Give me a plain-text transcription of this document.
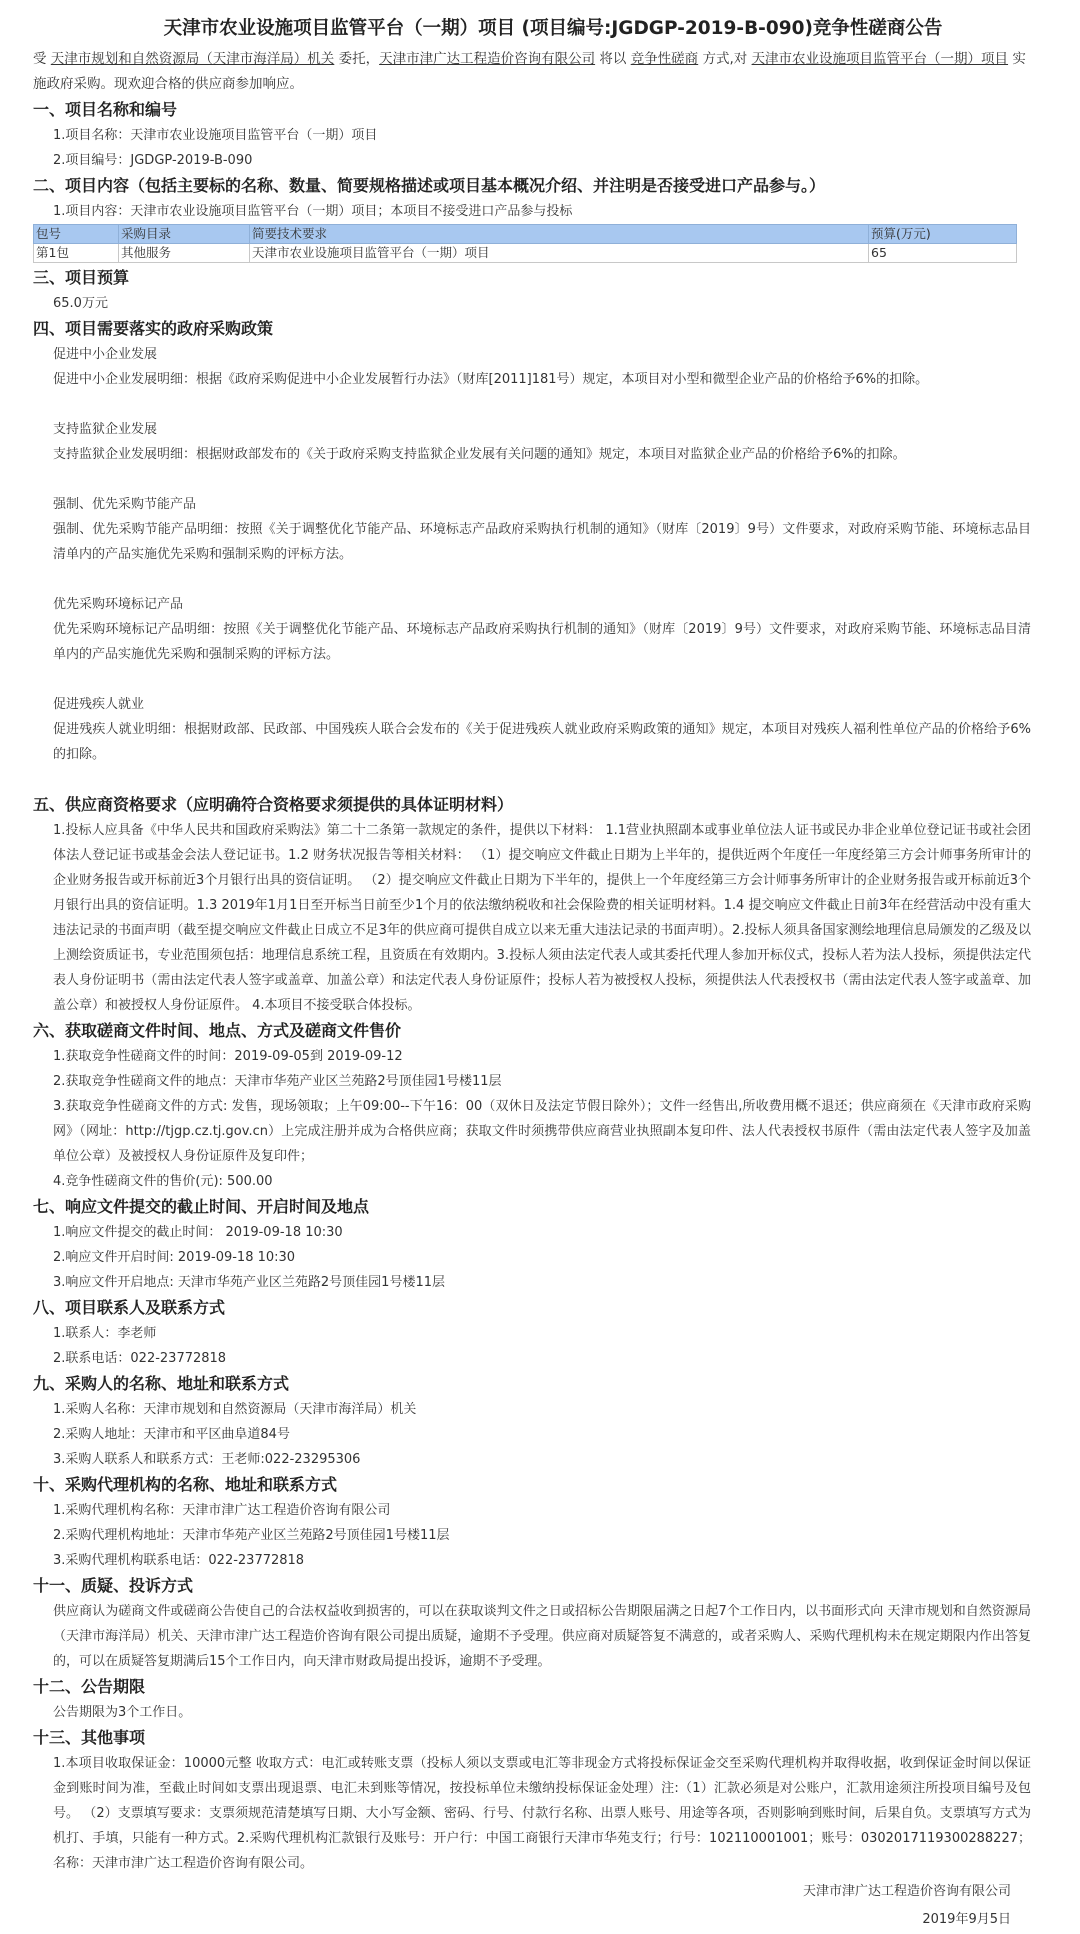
天津市农业设施项目监管平台（一期）项目 (项目编号:JGDGP-2019-B-090)竞争性磋商公告
受 天津市规划和自然资源局（天津市海洋局）机关 委托，天津市津广达工程造价咨询有限公司 将以 竞争性磋商 方式,对 天津市农业设施项目监管平台（一期）项目 实施政府采购。现欢迎合格的供应商参加响应。
一、项目名称和编号
1.项目名称：天津市农业设施项目监管平台（一期）项目
2.项目编号：JGDGP-2019-B-090
二、项目内容（包括主要标的名称、数量、简要规格描述或项目基本概况介绍、并注明是否接受进口产品参与。）
1.项目内容：天津市农业设施项目监管平台（一期）项目；本项目不接受进口产品参与投标
包号	采购目录	简要技术要求	预算(万元)
第1包	其他服务	天津市农业设施项目监管平台（一期）项目	65
三、项目预算
65.0万元
四、项目需要落实的政府采购政策
促进中小企业发展
促进中小企业发展明细：根据《政府采购促进中小企业发展暂行办法》（财库[2011]181号）规定，本项目对小型和微型企业产品的价格给予6%的扣除。
支持监狱企业发展
支持监狱企业发展明细：根据财政部发布的《关于政府采购支持监狱企业发展有关问题的通知》规定，本项目对监狱企业产品的价格给予6%的扣除。
强制、优先采购节能产品
强制、优先采购节能产品明细：按照《关于调整优化节能产品、环境标志产品政府采购执行机制的通知》（财库〔2019〕9号）文件要求，对政府采购节能、环境标志品目清单内的产品实施优先采购和强制采购的评标方法。
优先采购环境标记产品
优先采购环境标记产品明细：按照《关于调整优化节能产品、环境标志产品政府采购执行机制的通知》（财库〔2019〕9号）文件要求，对政府采购节能、环境标志品目清单内的产品实施优先采购和强制采购的评标方法。
促进残疾人就业
促进残疾人就业明细：根据财政部、民政部、中国残疾人联合会发布的《关于促进残疾人就业政府采购政策的通知》规定，本项目对残疾人福利性单位产品的价格给予6%的扣除。
五、供应商资格要求（应明确符合资格要求须提供的具体证明材料）
1.投标人应具备《中华人民共和国政府采购法》第二十二条第一款规定的条件，提供以下材料： 1.1营业执照副本或事业单位法人证书或民办非企业单位登记证书或社会团体法人登记证书或基金会法人登记证书。1.2 财务状况报告等相关材料： （1）提交响应文件截止日期为上半年的，提供近两个年度任一年度经第三方会计师事务所审计的企业财务报告或开标前近3个月银行出具的资信证明。 （2）提交响应文件截止日期为下半年的，提供上一个年度经第三方会计师事务所审计的企业财务报告或开标前近3个月银行出具的资信证明。1.3 2019年1月1日至开标当日前至少1个月的依法缴纳税收和社会保险费的相关证明材料。1.4 提交响应文件截止日前3年在经营活动中没有重大违法记录的书面声明（截至提交响应文件截止日成立不足3年的供应商可提供自成立以来无重大违法记录的书面声明）。2.投标人须具备国家测绘地理信息局颁发的乙级及以上测绘资质证书，专业范围须包括：地理信息系统工程，且资质在有效期内。3.投标人须由法定代表人或其委托代理人参加开标仪式，投标人若为法人投标，须提供法定代表人身份证明书（需由法定代表人签字或盖章、加盖公章）和法定代表人身份证原件；投标人若为被授权人投标，须提供法人代表授权书（需由法定代表人签字或盖章、加盖公章）和被授权人身份证原件。 4.本项目不接受联合体投标。
六、获取磋商文件时间、地点、方式及磋商文件售价
1.获取竞争性磋商文件的时间：2019-09-05到 2019-09-12
2.获取竞争性磋商文件的地点：天津市华苑产业区兰苑路2号顶佳园1号楼11层
3.获取竞争性磋商文件的方式: 发售，现场领取；上午09:00--下午16：00（双休日及法定节假日除外）；文件一经售出,所收费用概不退还；供应商须在《天津市政府采购网》（网址：http://tjgp.cz.tj.gov.cn）上完成注册并成为合格供应商；获取文件时须携带供应商营业执照副本复印件、法人代表授权书原件（需由法定代表人签字及加盖单位公章）及被授权人身份证原件及复印件；
4.竞争性磋商文件的售价(元): 500.00
七、响应文件提交的截止时间、开启时间及地点
1.响应文件提交的截止时间： 2019-09-18 10:30
2.响应文件开启时间: 2019-09-18 10:30
3.响应文件开启地点: 天津市华苑产业区兰苑路2号顶佳园1号楼11层
八、项目联系人及联系方式
1.联系人：李老师
2.联系电话：022-23772818
九、采购人的名称、地址和联系方式
1.采购人名称：天津市规划和自然资源局（天津市海洋局）机关
2.采购人地址：天津市和平区曲阜道84号
3.采购人联系人和联系方式：王老师:022-23295306
十、采购代理机构的名称、地址和联系方式
1.采购代理机构名称：天津市津广达工程造价咨询有限公司
2.采购代理机构地址：天津市华苑产业区兰苑路2号顶佳园1号楼11层
3.采购代理机构联系电话：022-23772818
十一、质疑、投诉方式
供应商认为磋商文件或磋商公告使自己的合法权益收到损害的，可以在获取谈判文件之日或招标公告期限届满之日起7个工作日内，以书面形式向 天津市规划和自然资源局（天津市海洋局）机关、天津市津广达工程造价咨询有限公司提出质疑，逾期不予受理。供应商对质疑答复不满意的，或者采购人、采购代理机构未在规定期限内作出答复的，可以在质疑答复期满后15个工作日内，向天津市财政局提出投诉，逾期不予受理。
十二、公告期限
公告期限为3个工作日。
十三、其他事项
1.本项目收取保证金：10000元整 收取方式：电汇或转账支票（投标人须以支票或电汇等非现金方式将投标保证金交至采购代理机构并取得收据，收到保证金时间以保证金到账时间为准，至截止时间如支票出现退票、电汇未到账等情况，按投标单位未缴纳投标保证金处理）注:（1）汇款必须是对公账户，汇款用途须注所投项目编号及包号。 （2）支票填写要求：支票须规范清楚填写日期、大小写金额、密码、行号、付款行名称、出票人账号、用途等各项，否则影响到账时间，后果自负。支票填写方式为机打、手填，只能有一种方式。2.采购代理机构汇款银行及账号：开户行：中国工商银行天津市华苑支行；行号：102110001001；账号：0302017119300288227；名称：天津市津广达工程造价咨询有限公司。
天津市津广达工程造价咨询有限公司
2019年9月5日
